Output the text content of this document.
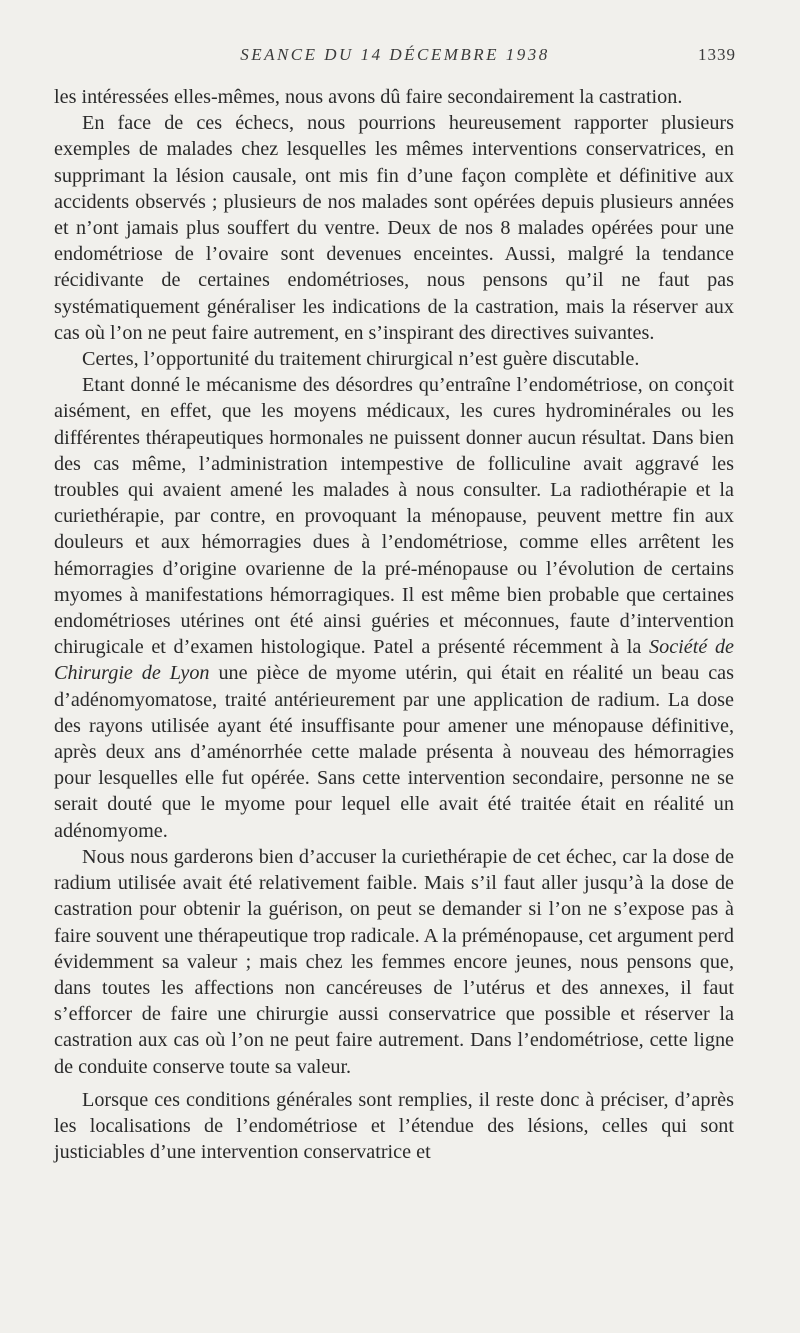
SEANCE DU 14 DÉCEMBRE 1938	1339

les intéressées elles-mêmes, nous avons dû faire secondairement la castration.

En face de ces échecs, nous pourrions heureusement rapporter plusieurs exemples de malades chez lesquelles les mêmes interventions conservatrices, en supprimant la lésion causale, ont mis fin d’une façon complète et définitive aux accidents observés ; plusieurs de nos malades sont opérées depuis plusieurs années et n’ont jamais plus souffert du ventre. Deux de nos 8 malades opérées pour une endométriose de l’ovaire sont devenues enceintes. Aussi, malgré la tendance récidivante de certaines endométrioses, nous pensons qu’il ne faut pas systématiquement généraliser les indications de la castration, mais la réserver aux cas où l’on ne peut faire autrement, en s’inspirant des directives suivantes.

Certes, l’opportunité du traitement chirurgical n’est guère discutable.

Etant donné le mécanisme des désordres qu’entraîne l’endométriose, on conçoit aisément, en effet, que les moyens médicaux, les cures hydrominérales ou les différentes thérapeutiques hormonales ne puissent donner aucun résultat. Dans bien des cas même, l’administration intempestive de folliculine avait aggravé les troubles qui avaient amené les malades à nous consulter. La radiothérapie et la curiethérapie, par contre, en provoquant la ménopause, peuvent mettre fin aux douleurs et aux hémorragies dues à l’endométriose, comme elles arrêtent les hémorragies d’origine ovarienne de la pré-ménopause ou l’évolution de certains myomes à manifestations hémorragiques. Il est même bien probable que certaines endométrioses utérines ont été ainsi guéries et méconnues, faute d’intervention chirugicale et d’examen histologique. Patel a présenté récemment à la Société de Chirurgie de Lyon une pièce de myome utérin, qui était en réalité un beau cas d’adénomyomatose, traité antérieurement par une application de radium. La dose des rayons utilisée ayant été insuffisante pour amener une ménopause définitive, après deux ans d’aménorrhée cette malade présenta à nouveau des hémorragies pour lesquelles elle fut opérée. Sans cette intervention secondaire, personne ne se serait douté que le myome pour lequel elle avait été traitée était en réalité un adénomyome.

Nous nous garderons bien d’accuser la curiethérapie de cet échec, car la dose de radium utilisée avait été relativement faible. Mais s’il faut aller jusqu’à la dose de castration pour obtenir la guérison, on peut se demander si l’on ne s’expose pas à faire souvent une thérapeutique trop radicale. A la préménopause, cet argument perd évidemment sa valeur ; mais chez les femmes encore jeunes, nous pensons que, dans toutes les affections non cancéreuses de l’utérus et des annexes, il faut s’efforcer de faire une chirurgie aussi conservatrice que possible et réserver la castration aux cas où l’on ne peut faire autrement. Dans l’endométriose, cette ligne de conduite conserve toute sa valeur.

Lorsque ces conditions générales sont remplies, il reste donc à préciser, d’après les localisations de l’endométriose et l’étendue des lésions, celles qui sont justiciables d’une intervention conservatrice et
